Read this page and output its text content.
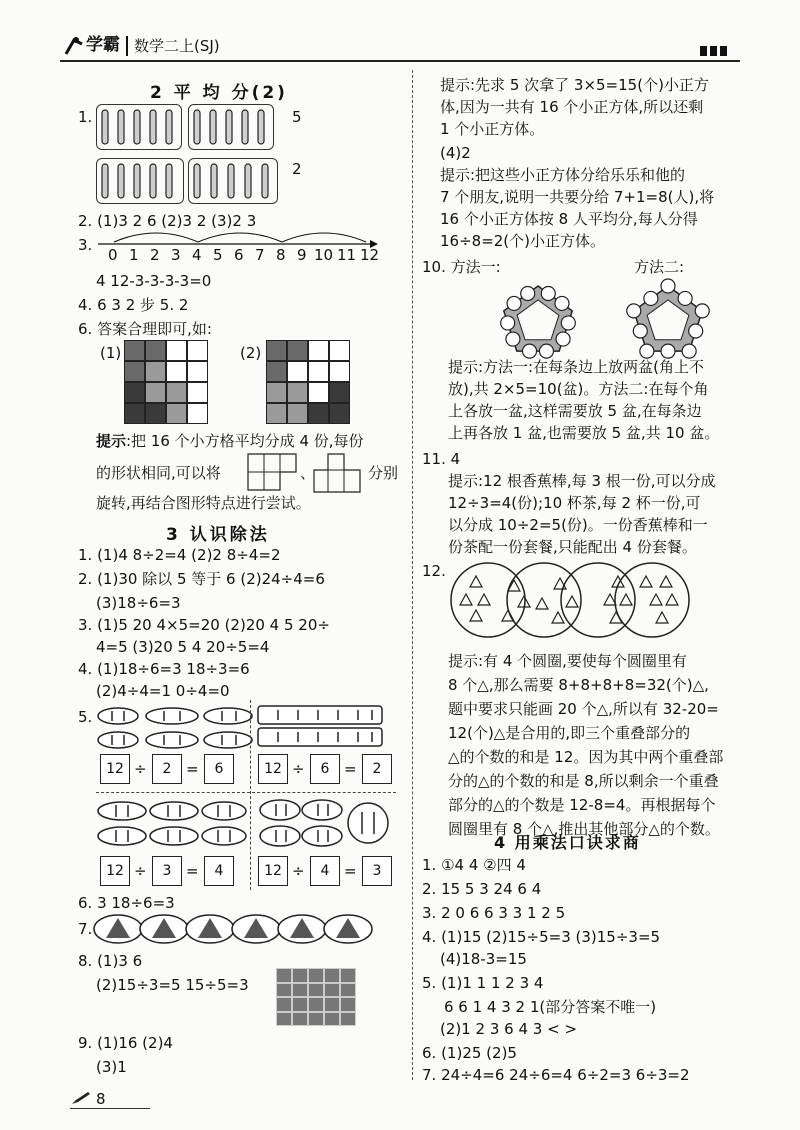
学霸 数学二上(SJ)
2 平 均 分(2)
1.	5
2
2. (1)3 2 6 (2)3 2 (3)2 3
3.
0 1 2 3 4 5 6 7 8 9 10 11 12
4 12-3-3-3-3=0
4. 6 3 2 步 5. 2
6. 答案合理即可,如:
(1)	(2)
提示 :把 16 个小方格平均分成 4 份,每份
的形状相同,可以将	、	分别
旋转,再结合图形特点进行尝试。
3 认识除法
1. (1)4 8÷2=4 (2)2 8÷4=2
2. (1)30 除以 5 等于 6 (2)24÷4=6
(3)18÷6=3
3. (1)5 20 4×5=20 (2)20 4 5 20÷
4=5 (3)20 5 4 20÷5=4
4. (1)18÷6=3 18÷3=6
(2)4÷4=1 0÷4=0
5.
12 ÷	2 =	6	12 ÷	6 =	2
12 ÷	3 =	4	12 ÷	4 =	3
6. 3 18÷6=3
7.
8. (1)3 6
(2)15÷3=5 15÷5=3
9. (1)16 (2)4
(3)1
8
提示:先求 5 次拿了 3×5=15(个)小正方
体,因为一共有 16 个小正方体,所以还剩
1 个小正方体。
(4)2
提示:把这些小正方体分给乐乐和他的
7 个朋友,说明一共要分给 7+1=8(人),将
16 个小正方体按 8 人平均分,每人分得
16÷8=2(个)小正方体。
10. 方法一:	方法二:
提示:方法一:在每条边上放两盆(角上不
放),共 2×5=10(盆)。方法二:在每个角
上各放一盆,这样需要放 5 盆,在每条边
上再各放 1 盆,也需要放 5 盆,共 10 盆。
11. 4
提示:12 根香蕉棒,每 3 根一份,可以分成
12÷3=4(份);10 杯茶,每 2 杯一份,可
以分成 10÷2=5(份)。一份香蕉棒和一
份茶配一份套餐,只能配出 4 份套餐。
12.
提示:有 4 个圆圈,要使每个圆圈里有
8 个△,那么需要 8+8+8+8=32(个)△,
题中要求只能画 20 个△,所以有 32-20=
12(个)△是合用的,即三个重叠部分的
△的个数的和是 12。因为其中两个重叠部
分的△的个数的和是 8,所以剩余一个重叠
部分的△的个数是 12-8=4。再根据每个
圆圈里有 8 个△,推出其他部分△的个数。
4 用乘法口诀求商
1. ①4 4 ②四 4
2. 15 5 3 24 6 4
3. 2 0 6 6 3 3 1 2 5
4. (1)15 (2)15÷5=3 (3)15÷3=5
(4)18-3=15
5. (1)1 1 1 2 3 4
6 6 1 4 3 2 1(部分答案不唯一)
(2)1 2 3 6 4 3 < >
6. (1)25 (2)5
7. 24÷4=6 24÷6=4 6÷2=3 6÷3=2
